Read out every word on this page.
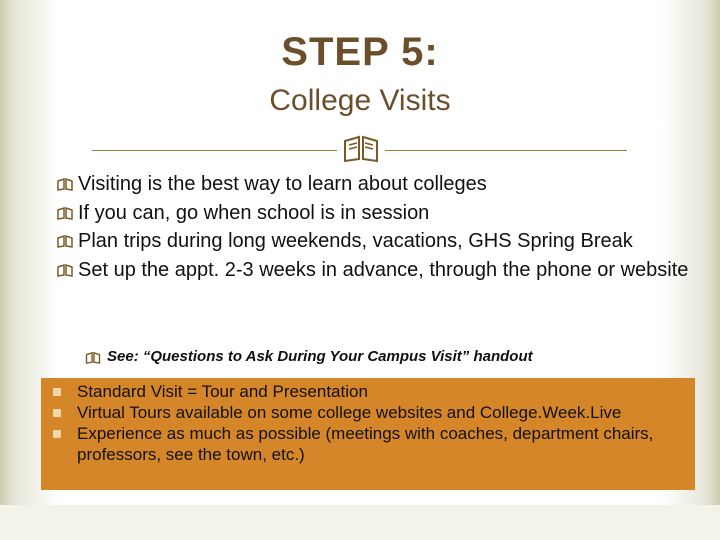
STEP 5:
College Visits
Visiting is the best way to learn about colleges
If you can, go when school is in session
Plan trips during long weekends, vacations, GHS Spring Break
Set up the appt. 2-3 weeks in advance, through the phone or website
See: “Questions to Ask During Your Campus Visit” handout
Standard Visit = Tour and Presentation
Virtual Tours available on some college websites and College.Week.Live
Experience as much as possible (meetings with coaches, department chairs, professors, see the town, etc.)
